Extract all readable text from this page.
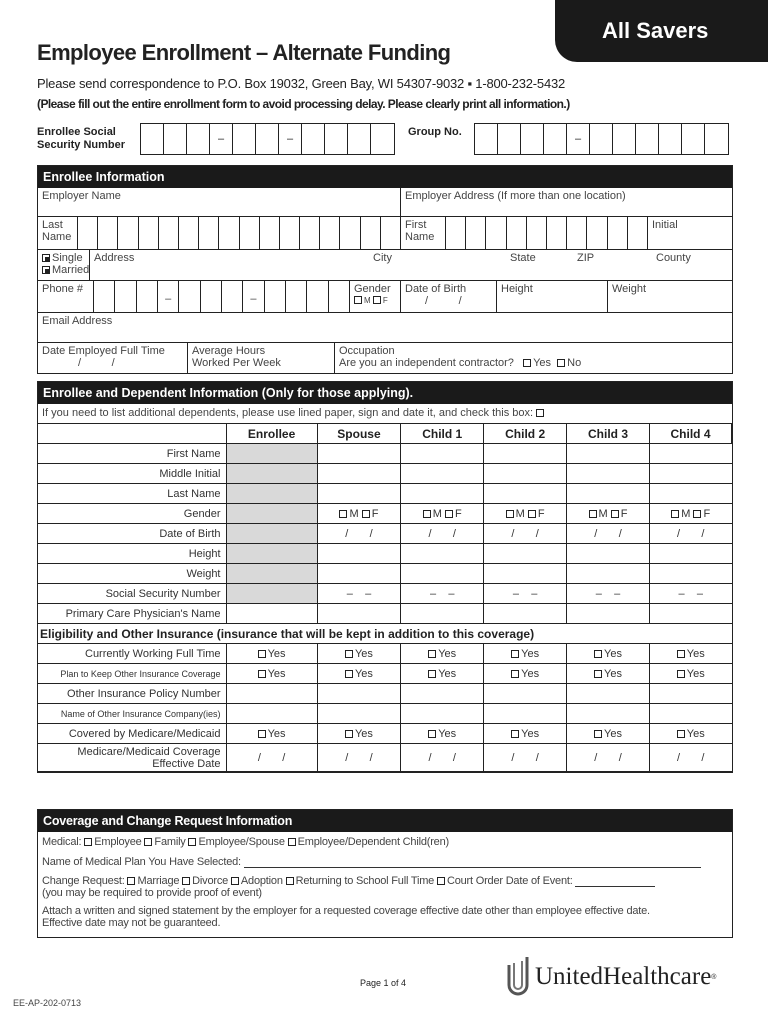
All Savers
Employee Enrollment – Alternate Funding
Please send correspondence to P.O. Box 19032, Green Bay, WI 54307-9032 ▪ 1-800-232-5432
(Please fill out the entire enrollment form to avoid processing delay. Please clearly print all information.)
Enrollee Social Security Number	–	–
Group No.
–
Enrollee Information
Employer Name	Employer Address (If more than one location)
Last Name
First Name
Initial
Single
Married
Address	City	State	ZIP	County
Phone #
–	–
Gender
M F
Date of Birth
/          /
Height	Weight
Email Address
Date Employed Full Time
/          /
Average Hours Worked Per Week
Occupation
Are you an independent contractor? Yes No
Enrollee and Dependent Information (Only for those applying).
If you need to list additional dependents, please use lined paper, sign and date it, and check this box:
	Enrollee	Spouse	Child 1	Child 2	Child 3	Child 4
First Name						
Middle Initial						
Last Name						
Gender		M F	M F	M F	M F	M F
Date of Birth		/       /	/       /	/       /	/       /	/       /
Height						
Weight						
Social Security Number		–    –	–    –	–    –	–    –	–    –
Primary Care Physician's Name						
Eligibility and Other Insurance (insurance that will be kept in addition to this coverage)						
Currently Working Full Time	Yes	Yes	Yes	Yes	Yes	Yes
Plan to Keep Other Insurance Coverage	Yes	Yes	Yes	Yes	Yes	Yes
Other Insurance Policy Number						
Name of Other Insurance Company(ies)						
Covered by Medicare/Medicaid	Yes	Yes	Yes	Yes	Yes	Yes
Medicare/Medicaid Coverage Effective Date	/       /	/       /	/       /	/       /	/       /	/       /
Coverage and Change Request Information
Medical: Employee Family Employee/Spouse Employee/Dependent Child(ren)
Name of Medical Plan You Have Selected:
Change Request: Marriage Divorce Adoption Returning to School Full Time Court Order Date of Event:
(you may be required to provide proof of event)
Attach a written and signed statement by the employer for a requested coverage effective date other than employee effective date.
Effective date may not be guaranteed.
Page 1 of 4
EE-AP-202-0713
UnitedHealthcare ®
